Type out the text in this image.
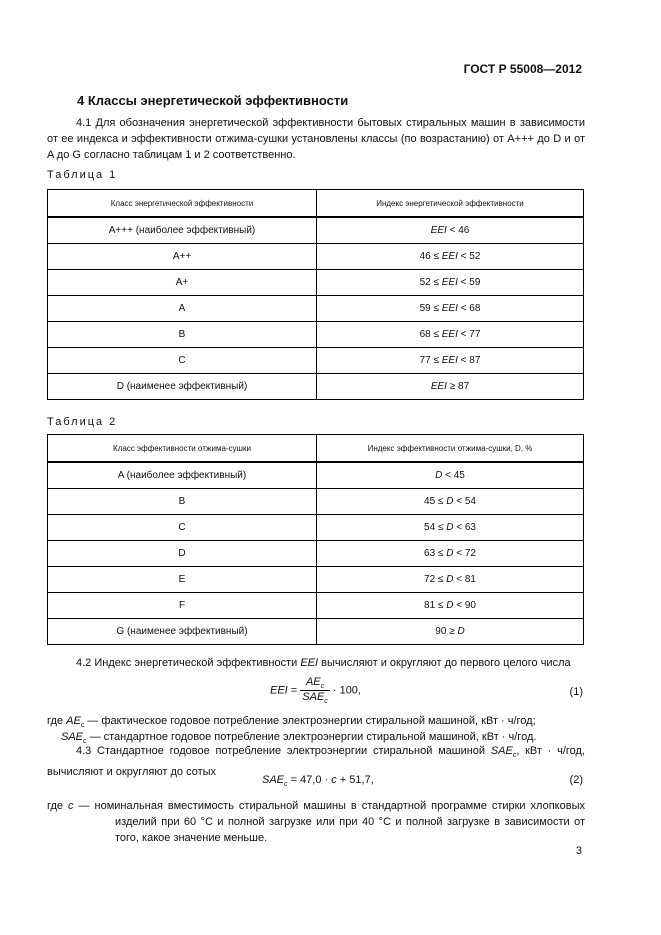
ГОСТ Р 55008—2012
4 Классы энергетической эффективности
4.1 Для обозначения энергетической эффективности бытовых стиральных машин в зависимости от ее индекса и эффективности отжима-сушки установлены классы (по возрастанию) от A+++ до D и от A до G согласно таблицам 1 и 2 соответственно.
Таблица 1
Класс энергетической эффективности	Индекс энергетической эффективности
A+++ (наиболее эффективный)	EEI < 46
A++	46 ≤ EEI < 52
A+	52 ≤ EEI < 59
A	59 ≤ EEI < 68
B	68 ≤ EEI < 77
C	77 ≤ EEI < 87
D (наименее эффективный)	EEI ≥ 87
Таблица 2
Класс эффективности отжима-сушки	Индекс эффективности отжима-сушки, D, %
A (наиболее эффективный)	D < 45
B	45 ≤ D < 54
C	54 ≤ D < 63
D	63 ≤ D < 72
E	72 ≤ D < 81
F	81 ≤ D < 90
G (наименее эффективный)	90 ≥ D
4.2 Индекс энергетической эффективности EEI вычисляют и округляют до первого целого числа
EEI = $\frac{AE_c}{SAE_c} \cdot 100$,	(1)
где $AE_c$ — фактическое годовое потребление электроэнергии стиральной машиной, кВт · ч/год;
$SAE_c$ — стандартное годовое потребление электроэнергии стиральной машиной, кВт · ч/год.
4.3 Стандартное годовое потребление электроэнергии стиральной машиной $SAE_c$, кВт · ч/год, вычисляют и округляют до сотых
$SAE_c = 47,0 \cdot c + 51,7$,	(2)
где c — номинальная вместимость стиральной машины в стандартной программе стирки хлопковых изделий при 60 °С и полной загрузке или при 40 °С и полной загрузке в зависимости от того, какое значение меньше.
3
